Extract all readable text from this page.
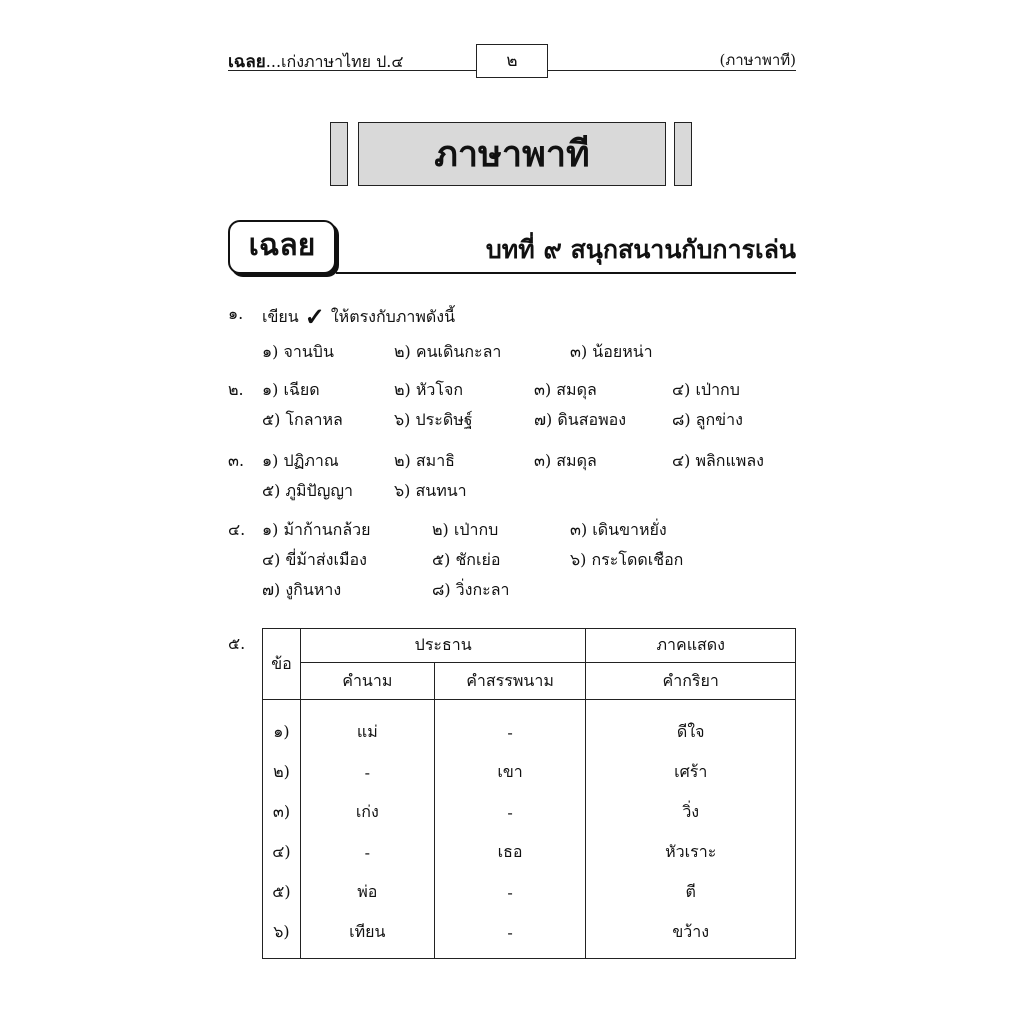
เฉลย...เก่งภาษาไทย ป.๔	๒	(ภาษาพาที)
ภาษาพาที
เฉลย	บทที่ ๙ สนุกสนานกับการเล่น
๑. เขียน ✓ ให้ตรงกับภาพดังนี้
๑) จานบิน	๒) คนเดินกะลา	๓) น้อยหน่า
๒. ๑) เฉียด	๒) หัวโจก	๓) สมดุล	๔) เป่ากบ
๕) โกลาหล	๖) ประดิษฐ์	๗) ดินสอพอง	๘) ลูกข่าง
๓. ๑) ปฏิภาณ	๒) สมาธิ	๓) สมดุล	๔) พลิกแพลง
๕) ภูมิปัญญา	๖) สนทนา
๔. ๑) ม้าก้านกล้วย	๒) เป่ากบ	๓) เดินขาหยั่ง
๔) ขี่ม้าส่งเมือง	๕) ชักเย่อ	๖) กระโดดเชือก
๗) งูกินหาง	๘) วิ่งกะลา
๕.
ข้อ	ประธาน		ภาคแสดง
	คำนาม	คำสรรพนาม	คำกริยา
๑)	แม่	-	ดีใจ
๒)	-	เขา	เศร้า
๓)	เก่ง	-	วิ่ง
๔)	-	เธอ	หัวเราะ
๕)	พ่อ	-	ตี
๖)	เทียน	-	ขว้าง
